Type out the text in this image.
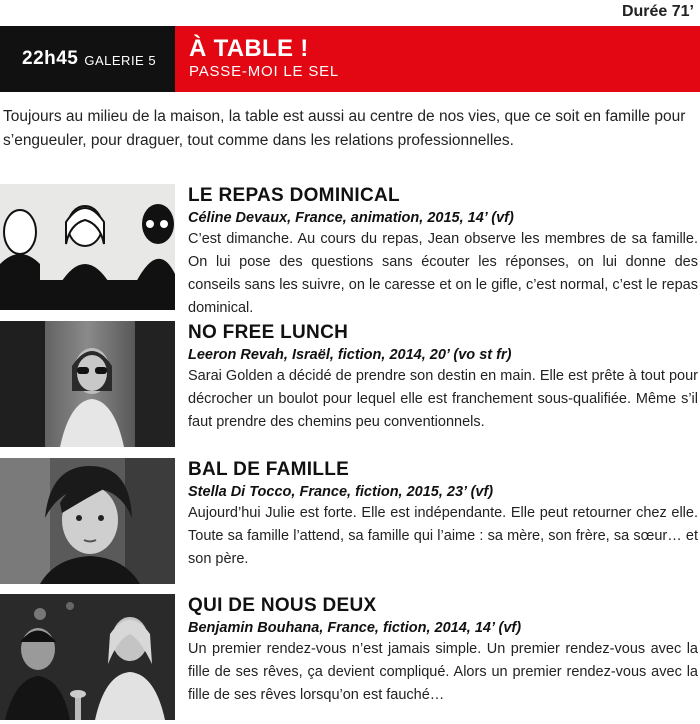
Durée 71’
22h45 GALERIE 5 À TABLE !
PASSE-MOI LE SEL
Toujours au milieu de la maison, la table est aussi au centre de nos vies, que ce soit en famille pour s’engueuler, pour draguer, tout comme dans les relations professionnelles.
LE REPAS DOMINICAL
Céline Devaux, France, animation, 2015, 14’ (vf)
C’est dimanche. Au cours du repas, Jean observe les membres de sa famille. On lui pose des questions sans écouter les réponses, on lui donne des conseils sans les suivre, on le caresse et on le gifle, c’est normal, c’est le repas dominical.
NO FREE LUNCH
Leeron Revah, Israël, fiction, 2014, 20’ (vo st fr)
Sarai Golden a décidé de prendre son destin en main. Elle est prête à tout pour décrocher un boulot pour lequel elle est franchement sous-qualifiée. Même s’il faut prendre des chemins peu conventionnels.
BAL DE FAMILLE
Stella Di Tocco, France, fiction, 2015, 23’ (vf)
Aujourd’hui Julie est forte. Elle est indépendante. Elle peut retourner chez elle. Toute sa famille l’attend, sa famille qui l’aime : sa mère, son frère, sa sœur… et son père.
QUI DE NOUS DEUX
Benjamin Bouhana, France, fiction, 2014, 14’ (vf)
Un premier rendez-vous n’est jamais simple. Un premier rendez-vous avec la fille de ses rêves, ça devient compliqué. Alors un premier rendez-vous avec la fille de ses rêves lorsqu’on est fauché…
